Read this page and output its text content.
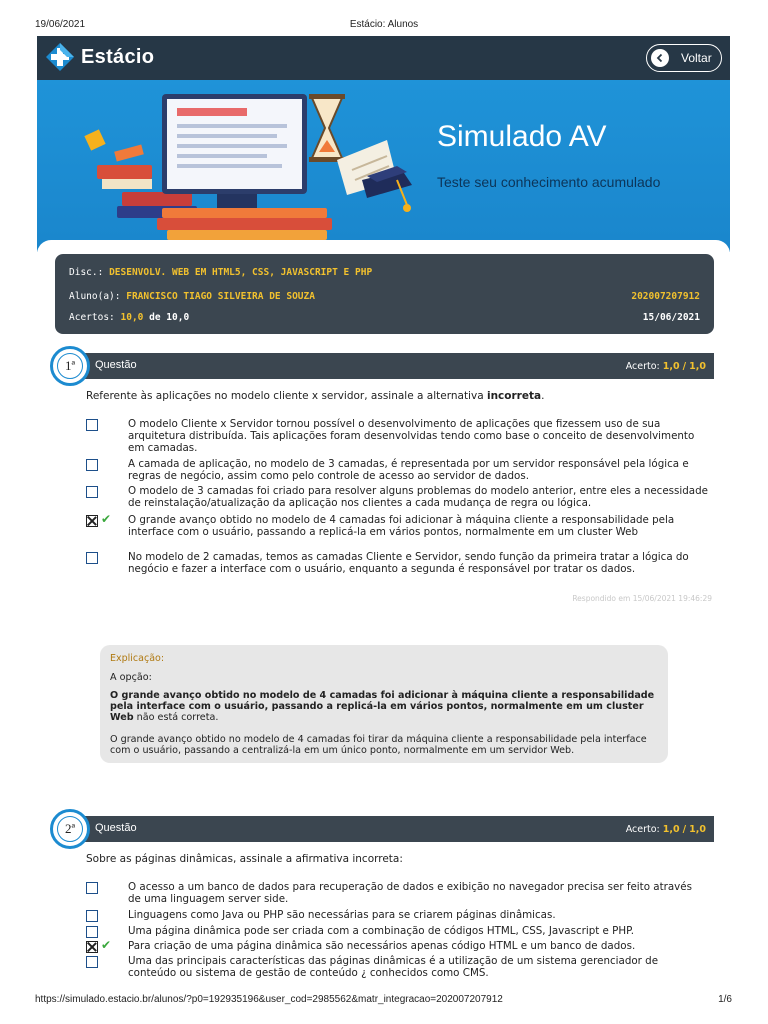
19/06/2021	Estácio: Alunos
Estácio	Voltar
Simulado AV
Teste seu conhecimento acumulado
Disc.: DESENVOLV. WEB EM HTML5, CSS, JAVASCRIPT E PHP
Aluno(a): FRANCISCO TIAGO SILVEIRA DE SOUZA	202007207912
Acertos: 10,0 de 10,0	15/06/2021
1ª Questão	Acerto: 1,0 / 1,0
Referente às aplicações no modelo cliente x servidor, assinale a alternativa incorreta.
O modelo Cliente x Servidor tornou possível o desenvolvimento de aplicações que fizessem uso de sua arquitetura distribuída. Tais aplicações foram desenvolvidas tendo como base o conceito de desenvolvimento em camadas.
A camada de aplicação, no modelo de 3 camadas, é representada por um servidor responsável pela lógica e regras de negócio, assim como pelo controle de acesso ao servidor de dados.
O modelo de 3 camadas foi criado para resolver alguns problemas do modelo anterior, entre eles a necessidade de reinstalação/atualização da aplicação nos clientes a cada mudança de regra ou lógica.
✔ O grande avanço obtido no modelo de 4 camadas foi adicionar à máquina cliente a responsabilidade pela interface com o usuário, passando a replicá-la em vários pontos, normalmente em um cluster Web
No modelo de 2 camadas, temos as camadas Cliente e Servidor, sendo função da primeira tratar a lógica do negócio e fazer a interface com o usuário, enquanto a segunda é responsável por tratar os dados.
Respondido em 15/06/2021 19:46:29
Explicação:
A opção:
O grande avanço obtido no modelo de 4 camadas foi adicionar à máquina cliente a responsabilidade pela interface com o usuário, passando a replicá-la em vários pontos, normalmente em um cluster Web não está correta.
O grande avanço obtido no modelo de 4 camadas foi tirar da máquina cliente a responsabilidade pela interface com o usuário, passando a centralizá-la em um único ponto, normalmente em um servidor Web.
2ª Questão	Acerto: 1,0 / 1,0
Sobre as páginas dinâmicas, assinale a afirmativa incorreta:
O acesso a um banco de dados para recuperação de dados e exibição no navegador precisa ser feito através de uma linguagem server side.
Linguagens como Java ou PHP são necessárias para se criarem páginas dinâmicas.
Uma página dinâmica pode ser criada com a combinação de códigos HTML, CSS, Javascript e PHP.
✔ Para criação de uma página dinâmica são necessários apenas código HTML e um banco de dados.
Uma das principais características das páginas dinâmicas é a utilização de um sistema gerenciador de conteúdo ou sistema de gestão de conteúdo ¿ conhecidos como CMS.
https://simulado.estacio.br/alunos/?p0=192935196&user_cod=2985562&matr_integracao=202007207912	1/6
